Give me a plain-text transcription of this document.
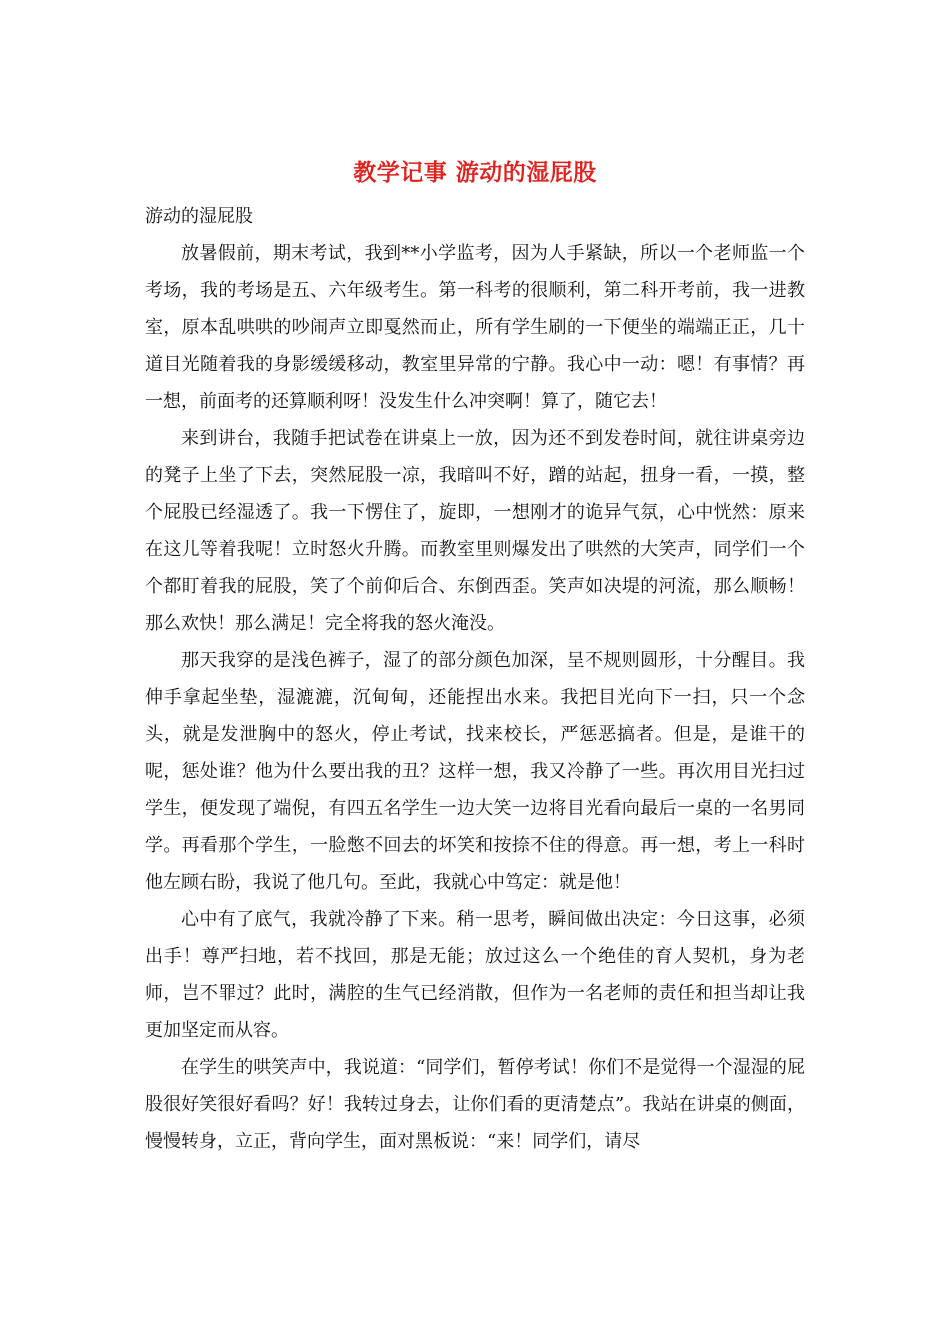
教学记事 游动的湿屁股

游动的湿屁股

放暑假前，期末考试，我到**小学监考，因为人手紧缺，所以一个老师监一个考场，我的考场是五、六年级考生。第一科考的很顺利，第二科开考前，我一进教室，原本乱哄哄的吵闹声立即戛然而止，所有学生刷的一下便坐的端端正正，几十道目光随着我的身影缓缓移动，教室里异常的宁静。我心中一动：嗯！有事情？再一想，前面考的还算顺利呀！没发生什么冲突啊！算了，随它去！

来到讲台，我随手把试卷在讲桌上一放，因为还不到发卷时间，就往讲桌旁边的凳子上坐了下去，突然屁股一凉，我暗叫不好，蹭的站起，扭身一看，一摸，整个屁股已经湿透了。我一下愣住了，旋即，一想刚才的诡异气氛，心中恍然：原来在这儿等着我呢！立时怒火升腾。而教室里则爆发出了哄然的大笑声，同学们一个个都盯着我的屁股，笑了个前仰后合、东倒西歪。笑声如决堤的河流，那么顺畅！那么欢快！那么满足！完全将我的怒火淹没。

那天我穿的是浅色裤子，湿了的部分颜色加深，呈不规则圆形，十分醒目。我伸手拿起坐垫，湿漉漉，沉甸甸，还能捏出水来。我把目光向下一扫，只一个念头，就是发泄胸中的怒火，停止考试，找来校长，严惩恶搞者。但是，是谁干的呢，惩处谁？他为什么要出我的丑？这样一想，我又冷静了一些。再次用目光扫过学生，便发现了端倪，有四五名学生一边大笑一边将目光看向最后一桌的一名男同学。再看那个学生，一脸憋不回去的坏笑和按捺不住的得意。再一想，考上一科时他左顾右盼，我说了他几句。至此，我就心中笃定：就是他！

心中有了底气，我就冷静了下来。稍一思考，瞬间做出决定：今日这事，必须出手！尊严扫地，若不找回，那是无能；放过这么一个绝佳的育人契机，身为老师，岂不罪过？此时，满腔的生气已经消散，但作为一名老师的责任和担当却让我更加坚定而从容。

在学生的哄笑声中，我说道：“同学们，暂停考试！你们不是觉得一个湿湿的屁股很好笑很好看吗？好！我转过身去，让你们看的更清楚点”。我站在讲桌的侧面，慢慢转身，立正，背向学生，面对黑板说：“来！同学们，请尽
